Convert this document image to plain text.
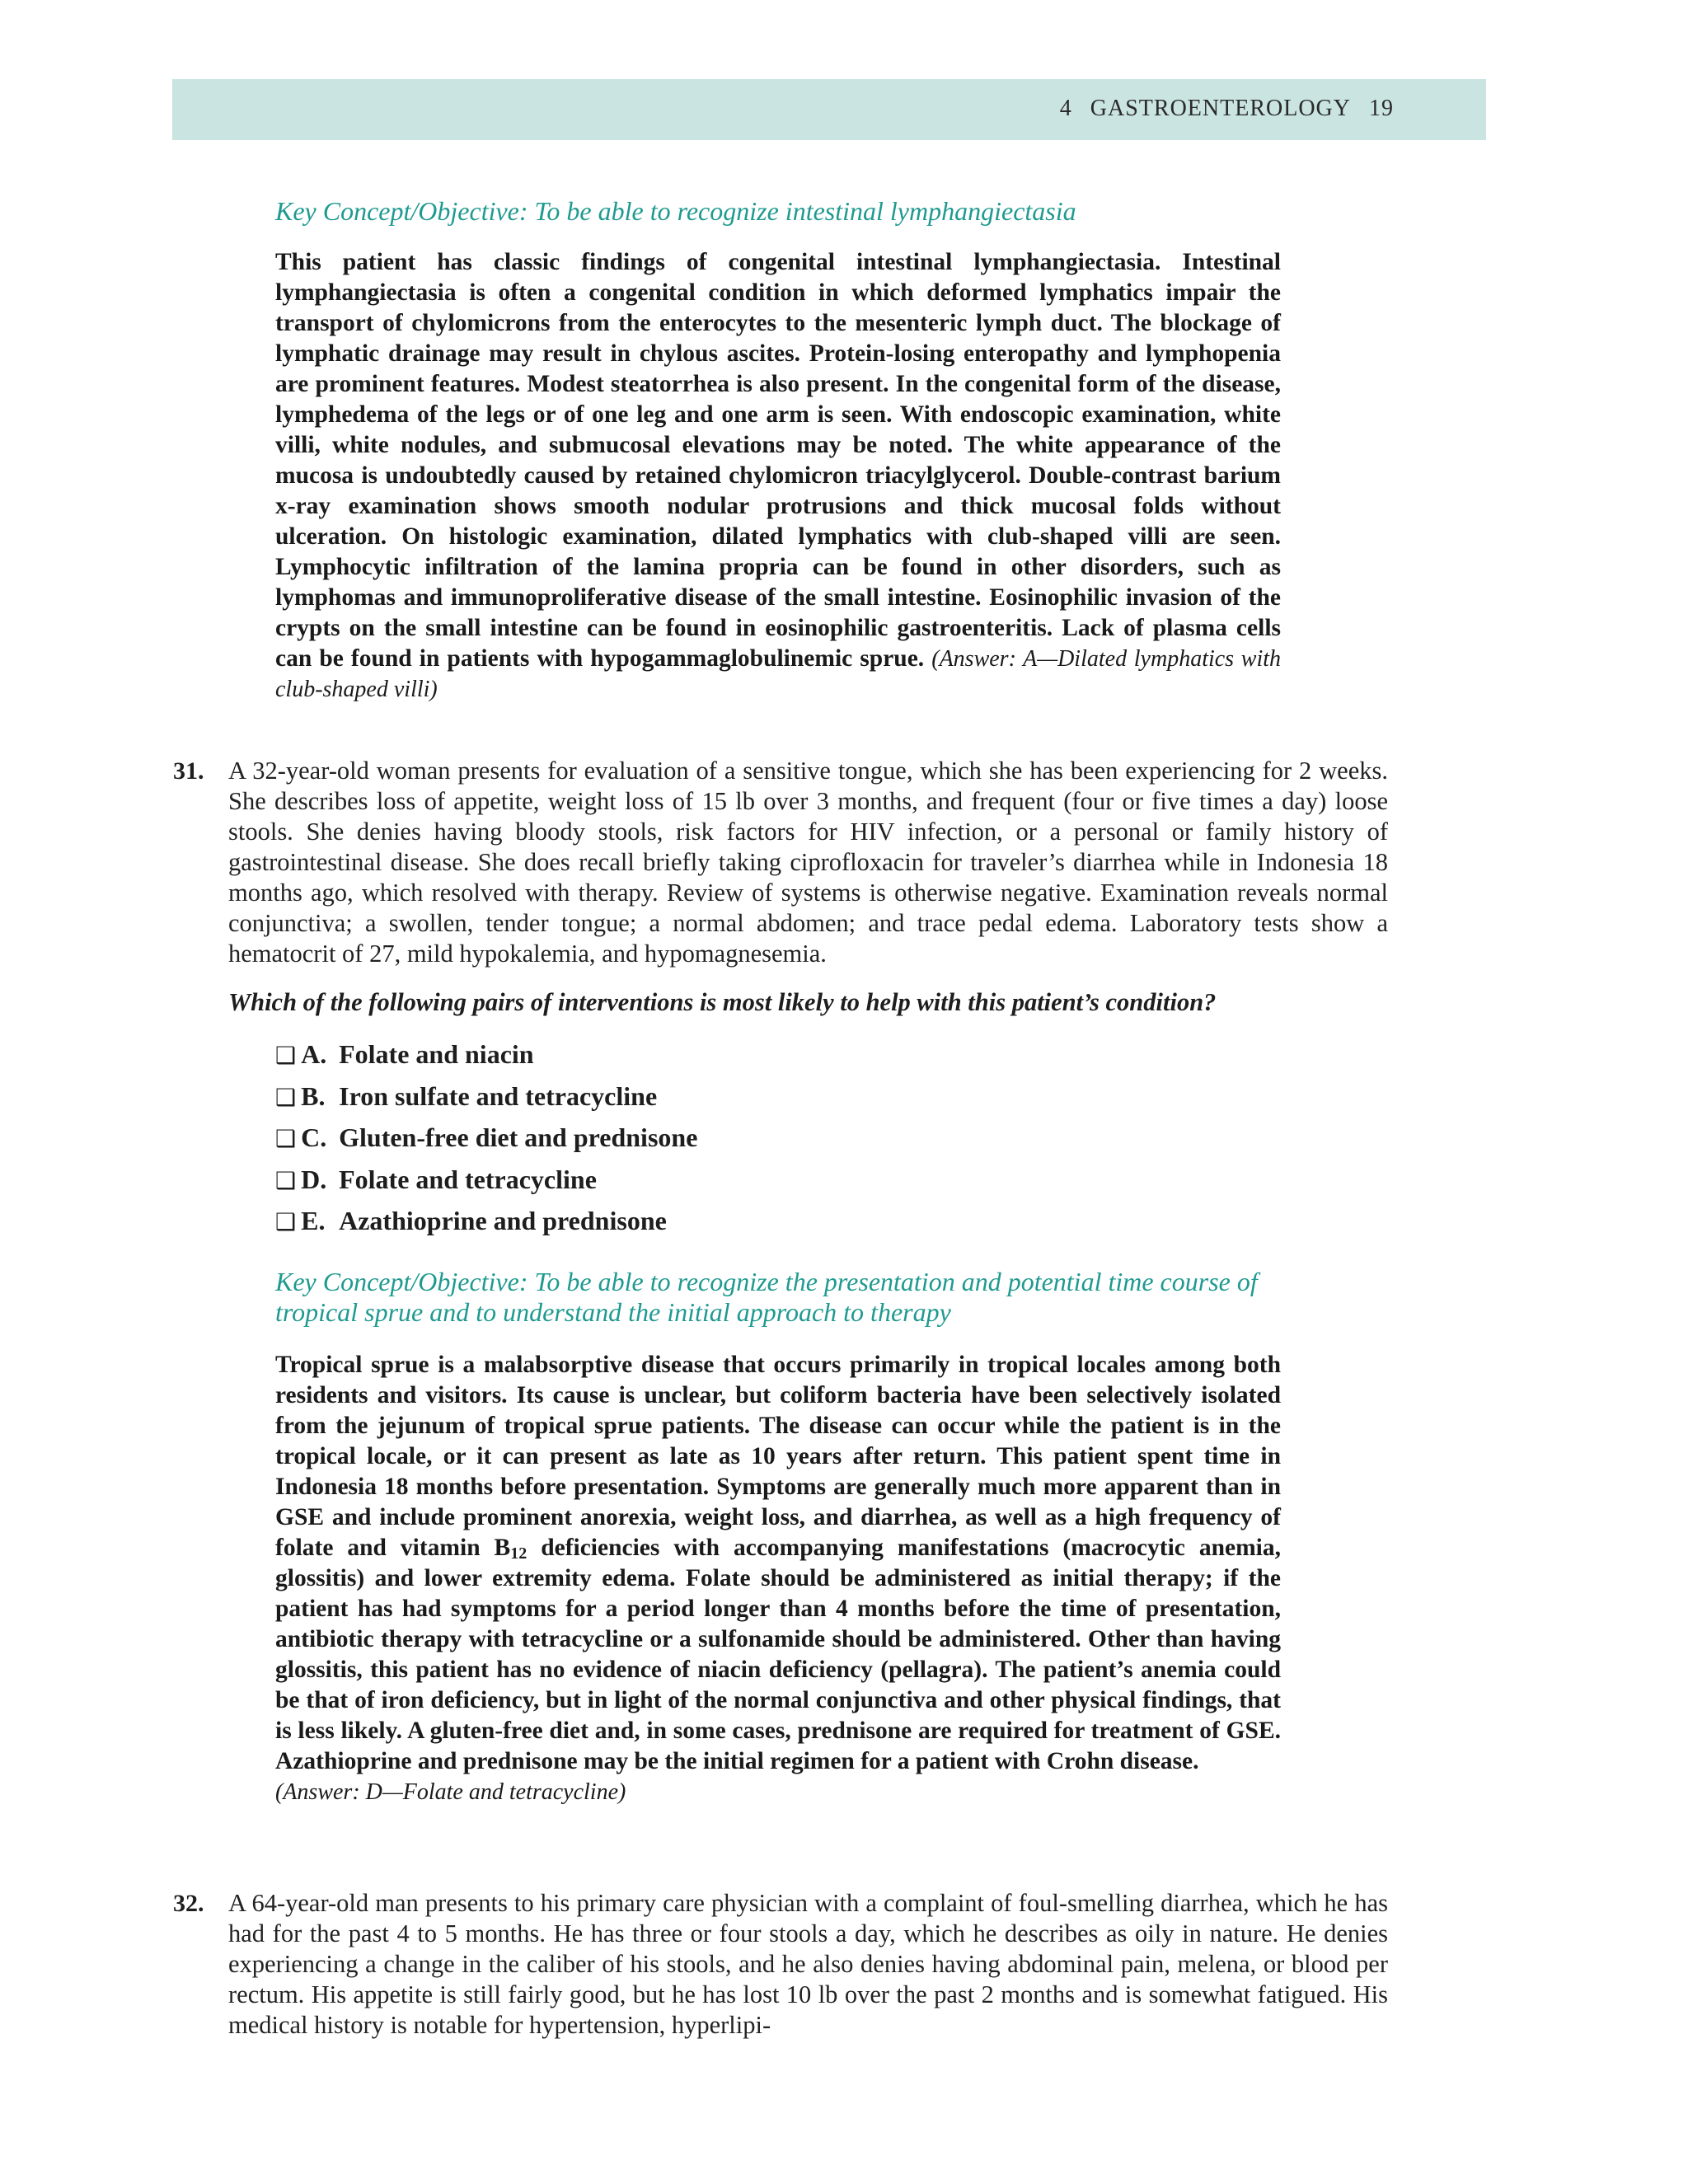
4 GASTROENTEROLOGY 19
Key Concept/Objective: To be able to recognize intestinal lymphangiectasia
This patient has classic findings of congenital intestinal lymphangiectasia. Intestinal lymphangiectasia is often a congenital condition in which deformed lymphatics impair the transport of chylomicrons from the enterocytes to the mesenteric lymph duct. The blockage of lymphatic drainage may result in chylous ascites. Protein-losing enteropathy and lymphopenia are prominent features. Modest steatorrhea is also present. In the congenital form of the disease, lymphedema of the legs or of one leg and one arm is seen. With endoscopic examination, white villi, white nodules, and submucosal elevations may be noted. The white appearance of the mucosa is undoubtedly caused by retained chylomicron triacylglycerol. Double-contrast barium x-ray examination shows smooth nodular protrusions and thick mucosal folds without ulceration. On histologic examination, dilated lymphatics with club-shaped villi are seen. Lymphocytic infiltration of the lamina propria can be found in other disorders, such as lymphomas and immunoproliferative disease of the small intestine. Eosinophilic invasion of the crypts on the small intestine can be found in eosinophilic gastroenteritis. Lack of plasma cells can be found in patients with hypogammaglobulinemic sprue. (Answer: A—Dilated lymphatics with club-shaped villi)
31. A 32-year-old woman presents for evaluation of a sensitive tongue, which she has been experiencing for 2 weeks. She describes loss of appetite, weight loss of 15 lb over 3 months, and frequent (four or five times a day) loose stools. She denies having bloody stools, risk factors for HIV infection, or a personal or family history of gastrointestinal disease. She does recall briefly taking ciprofloxacin for traveler’s diarrhea while in Indonesia 18 months ago, which resolved with therapy. Review of systems is otherwise negative. Examination reveals normal conjunctiva; a swollen, tender tongue; a normal abdomen; and trace pedal edema. Laboratory tests show a hematocrit of 27, mild hypokalemia, and hypomagnesemia.
Which of the following pairs of interventions is most likely to help with this patient’s condition?
❑ A. Folate and niacin
❑ B. Iron sulfate and tetracycline
❑ C. Gluten-free diet and prednisone
❑ D. Folate and tetracycline
❑ E. Azathioprine and prednisone
Key Concept/Objective: To be able to recognize the presentation and potential time course of tropical sprue and to understand the initial approach to therapy
Tropical sprue is a malabsorptive disease that occurs primarily in tropical locales among both residents and visitors. Its cause is unclear, but coliform bacteria have been selectively isolated from the jejunum of tropical sprue patients. The disease can occur while the patient is in the tropical locale, or it can present as late as 10 years after return. This patient spent time in Indonesia 18 months before presentation. Symptoms are generally much more apparent than in GSE and include prominent anorexia, weight loss, and diarrhea, as well as a high frequency of folate and vitamin $B_{12}$ deficiencies with accompanying manifestations (macrocytic anemia, glossitis) and lower extremity edema. Folate should be administered as initial therapy; if the patient has had symptoms for a period longer than 4 months before the time of presentation, antibiotic therapy with tetracycline or a sulfonamide should be administered. Other than having glossitis, this patient has no evidence of niacin deficiency (pellagra). The patient’s anemia could be that of iron deficiency, but in light of the normal conjunctiva and other physical findings, that is less likely. A gluten-free diet and, in some cases, prednisone are required for treatment of GSE. Azathioprine and prednisone may be the initial regimen for a patient with Crohn disease.
(Answer: D—Folate and tetracycline)
32. A 64-year-old man presents to his primary care physician with a complaint of foul-smelling diarrhea, which he has had for the past 4 to 5 months. He has three or four stools a day, which he describes as oily in nature. He denies experiencing a change in the caliber of his stools, and he also denies having abdominal pain, melena, or blood per rectum. His appetite is still fairly good, but he has lost 10 lb over the past 2 months and is somewhat fatigued. His medical history is notable for hypertension, hyperlipi-
